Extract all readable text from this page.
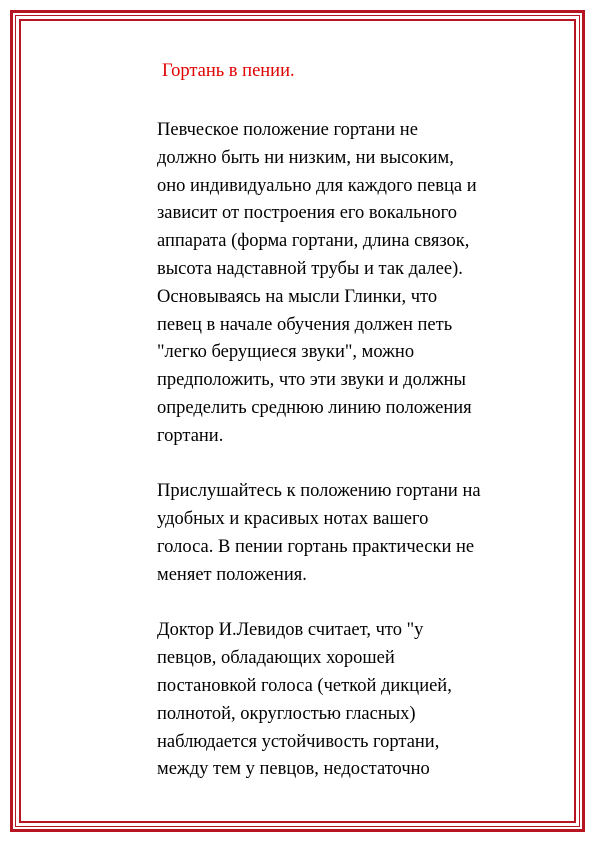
Гортань в пении.

Певческое положение гортани не
должно быть ни низким, ни высоким,
оно индивидуально для каждого певца и
зависит от построения его вокального
аппарата (форма гортани, длина связок,
высота надставной трубы и так далее).
Основываясь на мысли Глинки, что
певец в начале обучения должен петь
"легко берущиеся звуки", можно
предположить, что эти звуки и должны
определить среднюю линию положения
гортани.

Прислушайтесь к положению гортани на
удобных и красивых нотах вашего
голоса. В пении гортань практически не
меняет положения.

Доктор И.Левидов считает, что "у
певцов, обладающих хорошей
постановкой голоса (четкой дикцией,
полнотой, округлостью гласных)
наблюдается устойчивость гортани,
между тем у певцов, недостаточно
